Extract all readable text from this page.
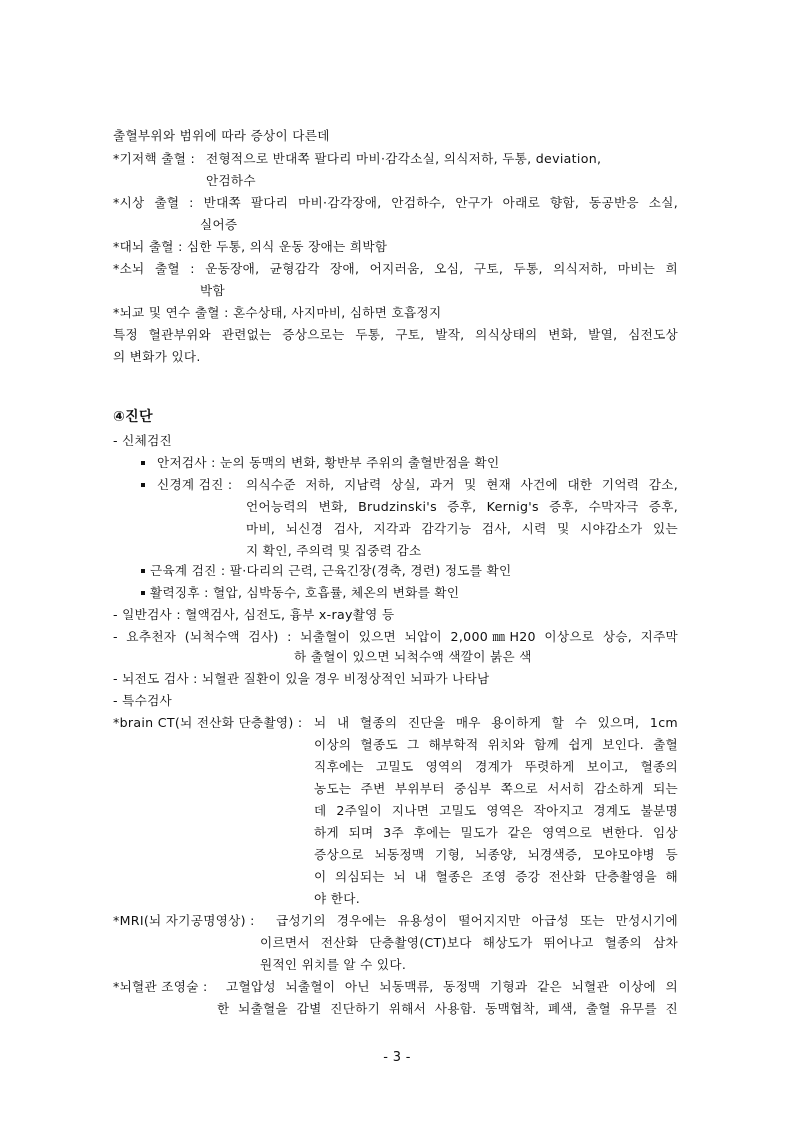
출혈부위와 범위에 따라 증상이 다른데
*기저핵 출혈 : 전형적으로 반대쪽 팔다리 마비·감각소실, 의식저하, 두통, deviation,
안검하수
*시상 출혈 : 반대쪽 팔다리 마비·감각장애, 안검하수, 안구가 아래로 향함, 동공반응 소실,
실어증
*대뇌 출혈 : 심한 두통, 의식 운동 장애는 희박함
*소뇌 출혈 : 운동장애, 균형감각 장애, 어지러움, 오심, 구토, 두통, 의식저하, 마비는 희
박함
*뇌교 및 연수 출혈 : 혼수상태, 사지마비, 심하면 호흡정지
특정 혈관부위와 관련없는 증상으로는 두통, 구토, 발작, 의식상태의 변화, 발열, 심전도상
의 변화가 있다.
④진단
- 신체검진
안저검사 : 눈의 동맥의 변화, 황반부 주위의 출혈반점을 확인
신경계 검진 : 의식수준 저하, 지남력 상실, 과거 및 현재 사건에 대한 기억력 감소,
언어능력의 변화, Brudzinski's 증후, Kernig's 증후, 수막자극 증후,
마비, 뇌신경 검사, 지각과 감각기능 검사, 시력 및 시야감소가 있는
지 확인, 주의력 및 집중력 감소
근육계 검진 : 팔·다리의 근력, 근육긴장(경축, 경련) 정도를 확인
활력징후 : 혈압, 심박동수, 호흡률, 체온의 변화를 확인
- 일반검사 : 혈액검사, 심전도, 흉부 x-ray촬영 등
- 요추천자 (뇌척수액 검사) : 뇌출혈이 있으면 뇌압이 2,000㎜H20 이상으로 상승, 지주막
하 출혈이 있으면 뇌척수액 색깔이 붉은 색
- 뇌전도 검사 : 뇌혈관 질환이 있을 경우 비정상적인 뇌파가 나타남
- 특수검사
*brain CT(뇌 전산화 단층촬영) : 뇌 내 혈종의 진단을 매우 용이하게 할 수 있으며, 1cm
이상의 혈종도 그 해부학적 위치와 함께 쉽게 보인다. 출혈
직후에는 고밀도 영역의 경계가 뚜렷하게 보이고, 혈종의
농도는 주변 부위부터 중심부 쪽으로 서서히 감소하게 되는
데 2주일이 지나면 고밀도 영역은 작아지고 경계도 불분명
하게 되며 3주 후에는 밀도가 같은 영역으로 변한다. 임상
증상으로 뇌동정맥 기형, 뇌종양, 뇌경색증, 모야모야병 등
이 의심되는 뇌 내 혈종은 조영 증강 전산화 단층촬영을 해
야 한다.
*MRI(뇌 자기공명영상) : 급성기의 경우에는 유용성이 떨어지지만 아급성 또는 만성시기에
이르면서 전산화 단층촬영(CT)보다 해상도가 뛰어나고 혈종의 삼차
원적인 위치를 알 수 있다.
*뇌혈관 조영술 : 고혈압성 뇌출혈이 아닌 뇌동맥류, 동정맥 기형과 같은 뇌혈관 이상에 의
한 뇌출혈을 감별 진단하기 위해서 사용함. 동맥협착, 폐색, 출혈 유무를 진
- 3 -
